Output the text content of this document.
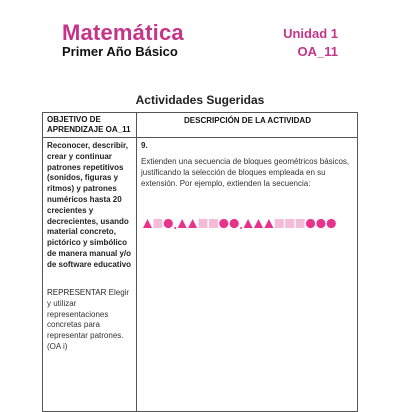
Matemática
Primer Año Básico
Unidad 1
OA_11
Actividades Sugeridas
OBJETIVO DE APRENDIZAJE OA_11
DESCRIPCIÓN DE LA ACTIVIDAD
Reconocer, describir, crear y continuar patrones repetitivos (sonidos, figuras y ritmos) y patrones numéricos hasta 20 crecientes y decrecientes, usando material concreto, pictórico y simbólico de manera manual y/o de software educativo
REPRESENTAR Elegir y utilizar representaciones concretas para representar patrones. (OA i)
9.
Extienden una secuencia de bloques geométricos básicos, justificando la selección de bloques empleada en su extensión. Por ejemplo, extienden la secuencia:
